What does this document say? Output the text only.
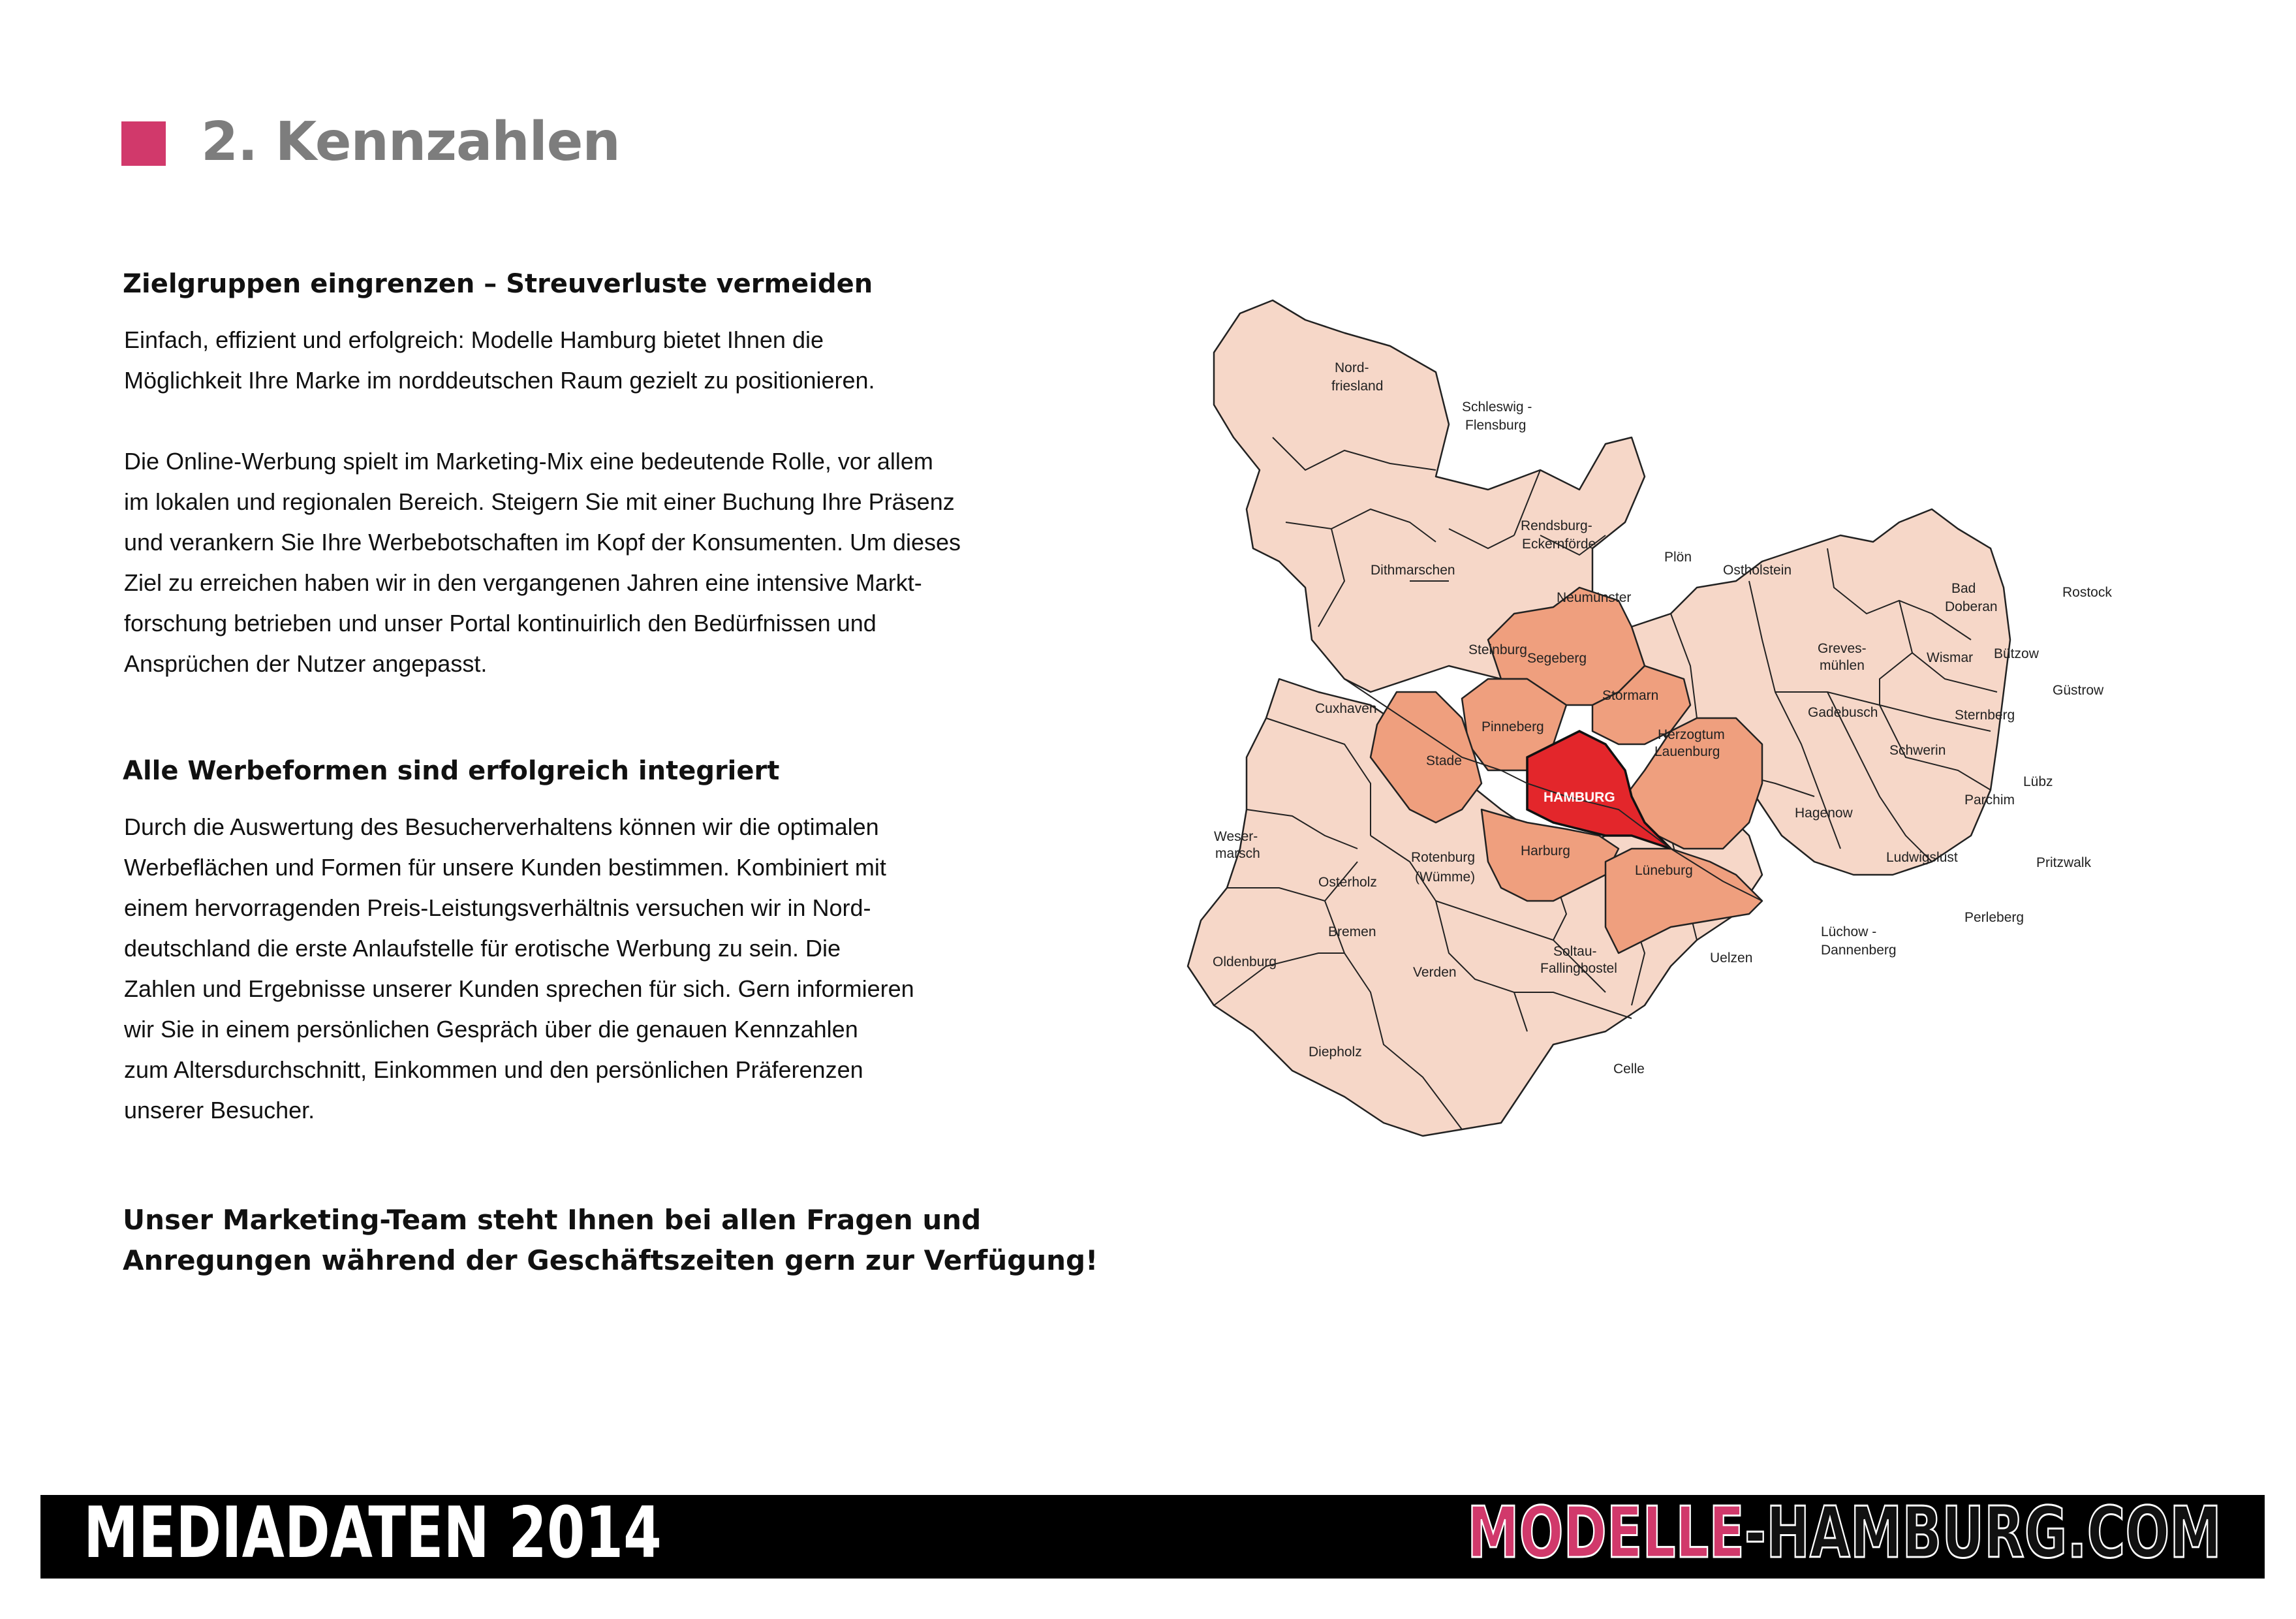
2. Kennzahlen
Zielgruppen eingrenzen – Streuverluste vermeiden

Einfach, effizient und erfolgreich: Modelle Hamburg bietet Ihnen die
Möglichkeit Ihre Marke im norddeutschen Raum gezielt zu positionieren.

Die Online-Werbung spielt im Marketing-Mix eine bedeutende Rolle, vor allem
im lokalen und regionalen Bereich. Steigern Sie mit einer Buchung Ihre Präsenz
und verankern Sie Ihre Werbebotschaften im Kopf der Konsumenten. Um dieses
Ziel zu erreichen haben wir in den vergangenen Jahren eine intensive Markt-
forschung betrieben und unser Portal kontinuirlich den Bedürfnissen und
Ansprüchen der Nutzer angepasst.

Alle Werbeformen sind erfolgreich integriert

Durch die Auswertung des Besucherverhaltens können wir die optimalen
Werbeflächen und Formen für unsere Kunden bestimmen. Kombiniert mit
einem hervorragenden Preis-Leistungsverhältnis versuchen wir in Nord-
deutschland die erste Anlaufstelle für erotische Werbung zu sein. Die
Zahlen und Ergebnisse unserer Kunden sprechen für sich. Gern informieren
wir Sie in einem persönlichen Gespräch über die genauen Kennzahlen
zum Altersdurchschnitt, Einkommen und den persönlichen Präferenzen
unserer Besucher.

Unser Marketing-Team steht Ihnen bei allen Fragen und
Anregungen während der Geschäftszeiten gern zur Verfügung!

HAMBURG
Segeberg
Stormarn
Pinneberg
Stade
Herzogtum
Lauenburg
Harburg
Lüneburg
Nord-
friesland
Schleswig -
Flensburg
Rendsburg-
Eckernförde
Dithmarschen
Plön
Ostholstein
Neumünster
Steinburg	Greves-
mühlen
Bad
Doberan
Rostock
Wismar Bützow
Güstrow
Gadebusch	Sternberg
Schwerin
Cuxhaven
Hagenow
Lübz
Parchim
Weser-
marsch	Rotenburg
(Wümme)
Ludwigslust	Pritzwalk
Osterholz
Bremen
Perleberg
Oldenburg
Verden
Soltau-
Fallingbostel
Uelzen
Lüchow -
Dannenberg
Diepholz
Celle
MEDIADATEN 2014	MODELLE-HAMBURG.COM
